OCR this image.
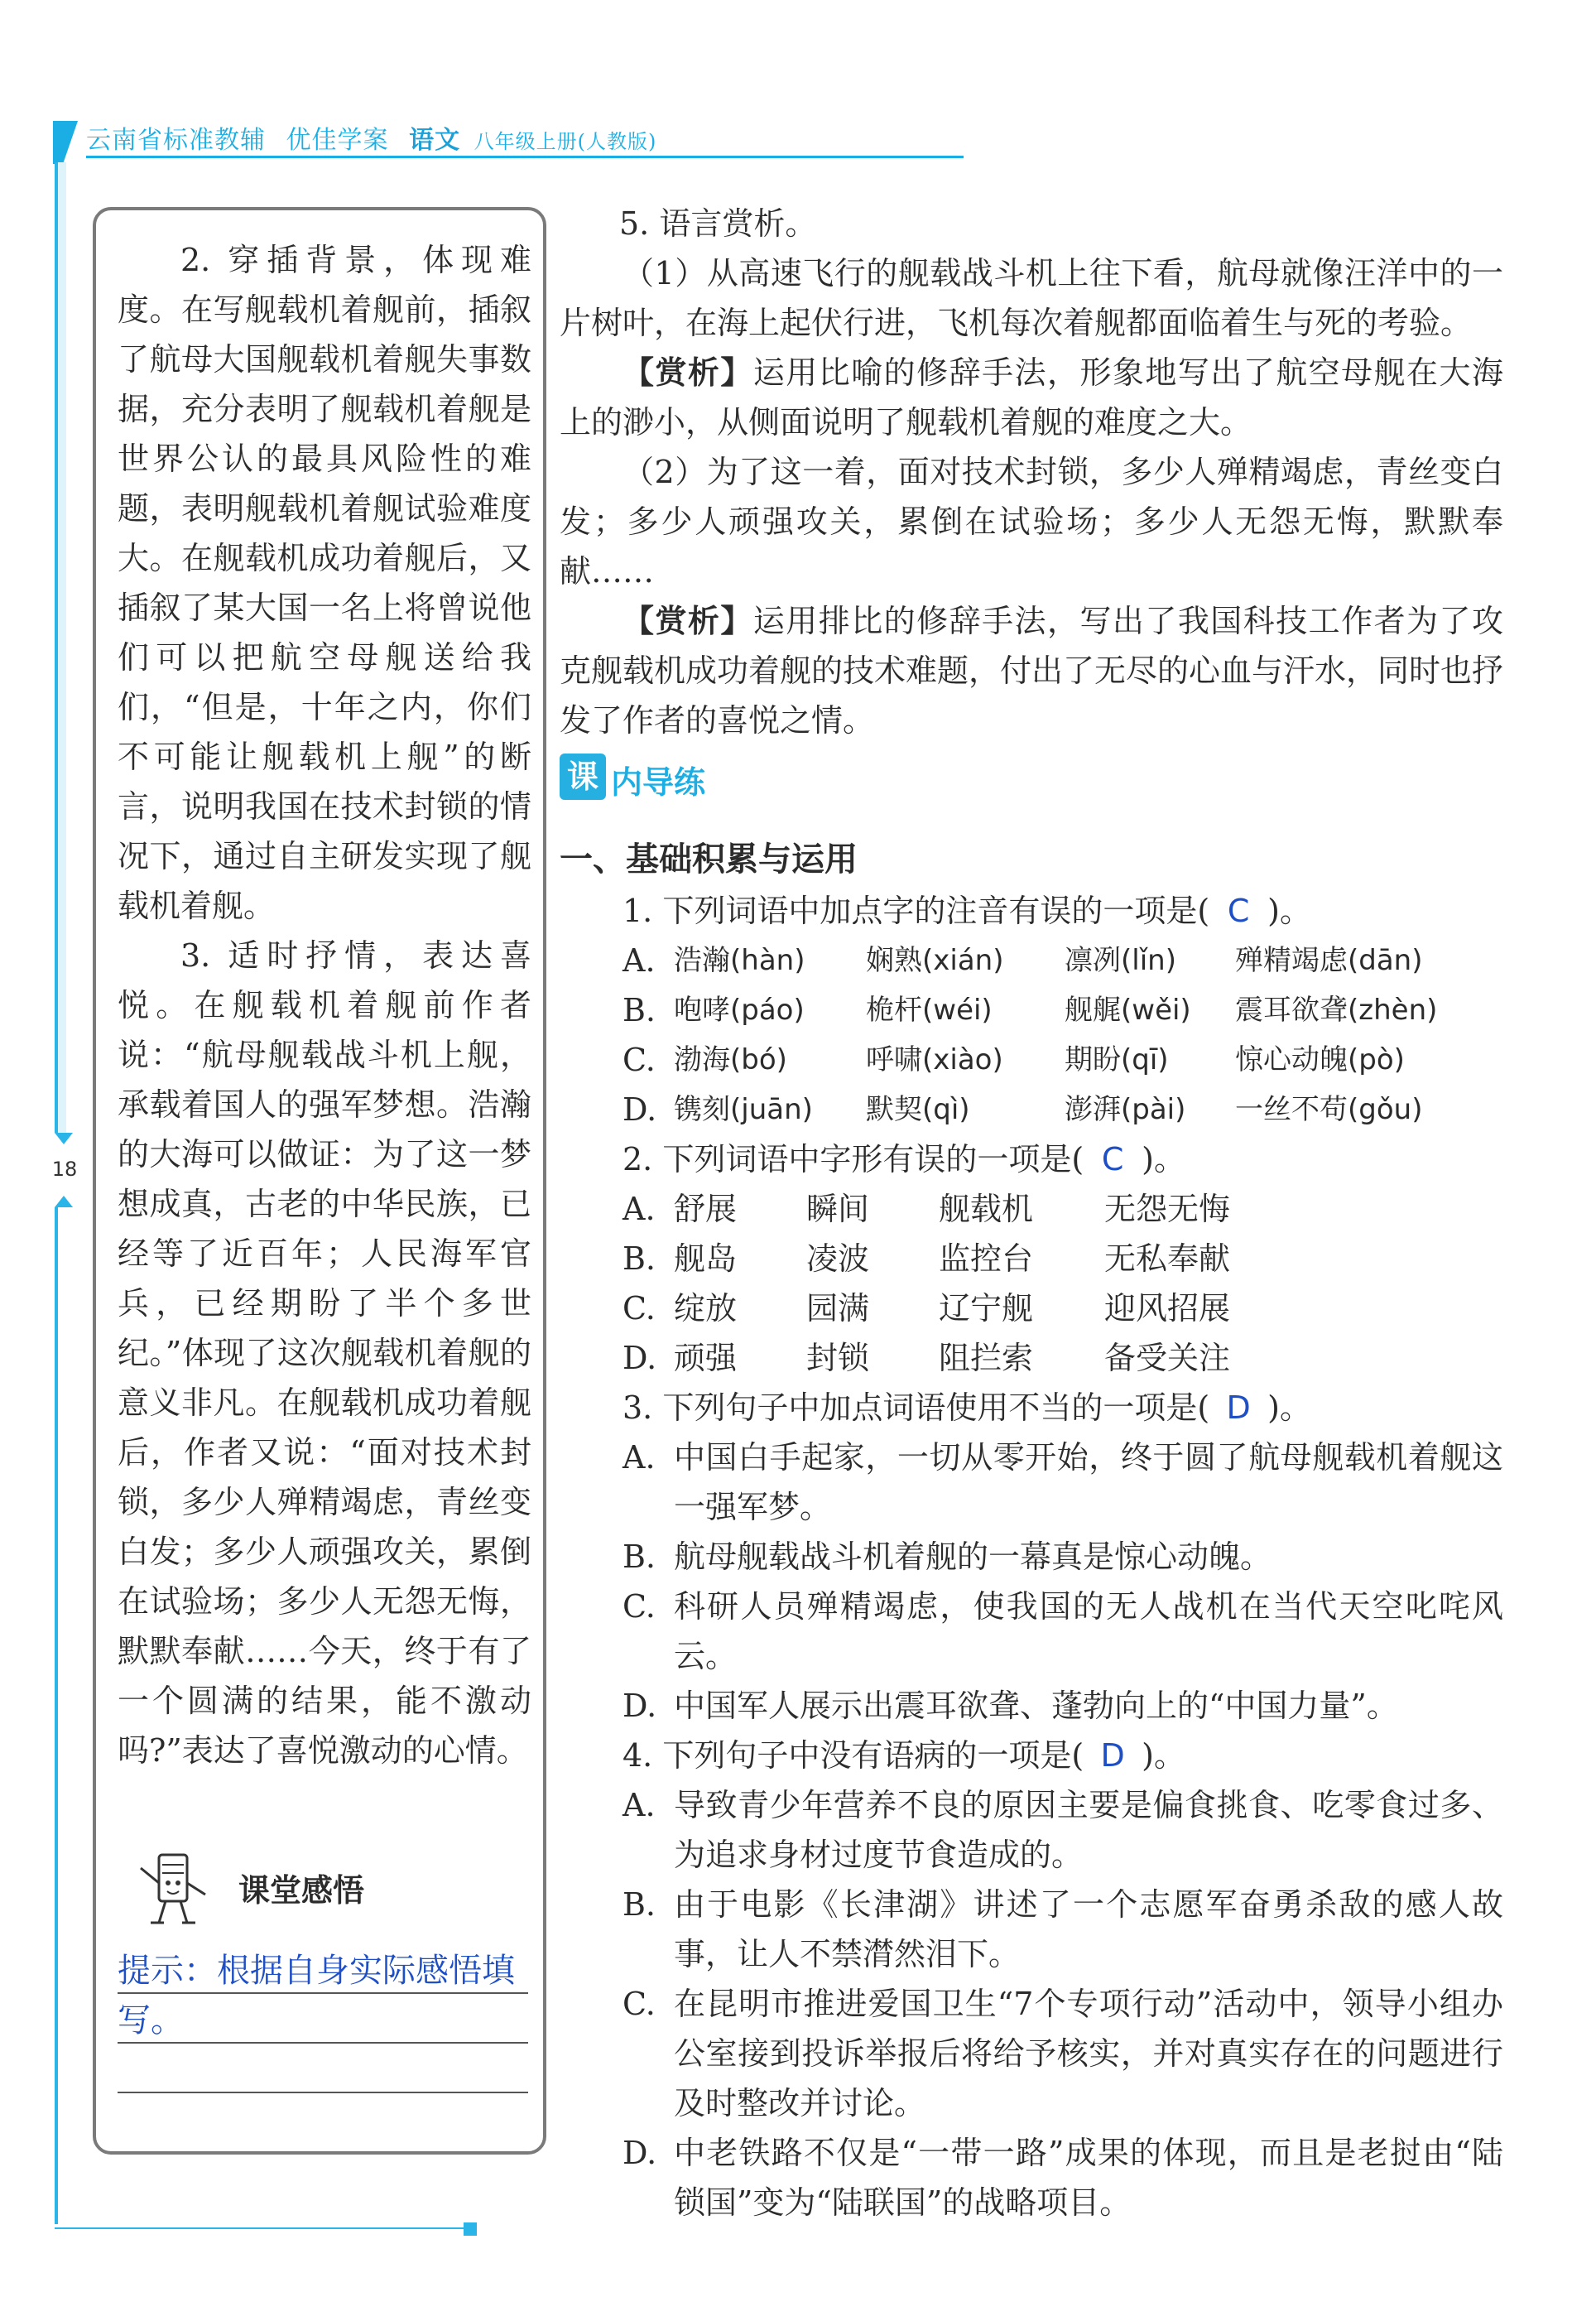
云南省标准教辅 优佳学案 语文 八年级上册(人教版)
18

2. 穿插背景，体现难度。在写舰载机着舰前，插叙了航母大国舰载机着舰失事数据，充分表明了舰载机着舰是世界公认的最具风险性的难题，表明舰载机着舰试验难度大。在舰载机成功着舰后，又插叙了某大国一名上将曾说他们可以把航空母舰送给我们，“但是，十年之内，你们不可能让舰载机上舰”的断言，说明我国在技术封锁的情况下，通过自主研发实现了舰载机着舰。

3. 适时抒情，表达喜悦。在舰载机着舰前作者说：“航母舰载战斗机上舰，承载着国人的强军梦想。浩瀚的大海可以做证：为了这一梦想成真，古老的中华民族，已经等了近百年；人民海军官兵，已经期盼了半个多世纪。”体现了这次舰载机着舰的意义非凡。在舰载机成功着舰后，作者又说：“面对技术封锁，多少人殚精竭虑，青丝变白发；多少人顽强攻关，累倒在试验场；多少人无怨无悔，默默奉献……今天，终于有了一个圆满的结果，能不激动吗?”表达了喜悦激动的心情。

课堂感悟
提示：根据自身实际感悟填写。

5. 语言赏析。

（1）从高速飞行的舰载战斗机上往下看，航母就像汪洋中的一片树叶，在海上起伏行进，飞机每次着舰都面临着生与死的考验。

【赏析】运用比喻的修辞手法，形象地写出了航空母舰在大海上的渺小，从侧面说明了舰载机着舰的难度之大。

（2）为了这一着，面对技术封锁，多少人殚精竭虑，青丝变白发；多少人顽强攻关，累倒在试验场；多少人无怨无悔，默默奉献……

【赏析】运用排比的修辞手法，写出了我国科技工作者为了攻克舰载机成功着舰的技术难题，付出了无尽的心血与汗水，同时也抒发了作者的喜悦之情。

课 内导练
一、基础积累与运用

1. 下列词语中加点字的注音有误的一项是( C )。

A. 浩瀚(hàn)	娴熟(xián)	凛冽(lǐn)	殚精竭虑(dān)
B. 咆哮(páo)	桅杆(wéi)	舰艉(wěi)	震耳欲聋(zhèn)
C. 渤海(bó)	呼啸(xiào)	期盼(qī)	惊心动魄(pò)
D. 镌刻(juān)	默契(qì)	澎湃(pài)	一丝不苟(gǒu)

2. 下列词语中字形有误的一项是( C )。

A. 舒展	瞬间	舰载机	无怨无悔
B. 舰岛	凌波	监控台	无私奉献
C. 绽放	园满	辽宁舰	迎风招展
D. 顽强	封锁	阻拦索	备受关注

3. 下列句子中加点词语使用不当的一项是( D )。

A. 中国白手起家，一切从零开始，终于圆了航母舰载机着舰这一强军梦。
B. 航母舰载战斗机着舰的一幕真是惊心动魄。
C. 科研人员殚精竭虑，使我国的无人战机在当代天空叱咤风云。
D. 中国军人展示出震耳欲聋、蓬勃向上的“中国力量”。

4. 下列句子中没有语病的一项是( D )。

A. 导致青少年营养不良的原因主要是偏食挑食、吃零食过多、为追求身材过度节食造成的。
B. 由于电影《长津湖》讲述了一个志愿军奋勇杀敌的感人故事，让人不禁潸然泪下。
C. 在昆明市推进爱国卫生“7个专项行动”活动中，领导小组办公室接到投诉举报后将给予核实，并对真实存在的问题进行及时整改并讨论。
D. 中老铁路不仅是“一带一路”成果的体现，而且是老挝由“陆锁国”变为“陆联国”的战略项目。
